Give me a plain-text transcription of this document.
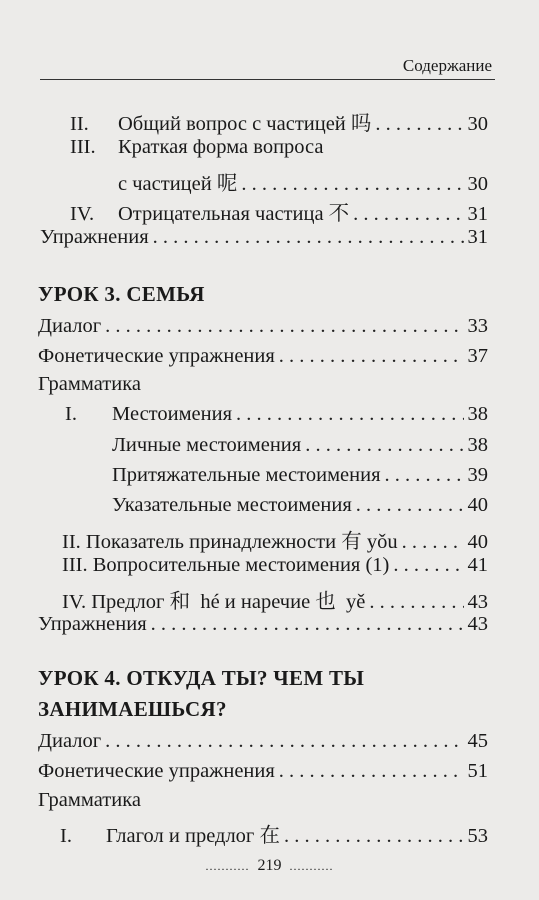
Содержание
II.	Общий вопрос с частицей 吗 . . .	30
III. Краткая форма вопроса
с частицей 呢 . . .	30
IV.	Отрицательная частица 不 . . .	31
Упражнения . . .	31
УРОК 3. СЕМЬЯ
Диалог . . .	33
Фонетические упражнения . . .	37
Грамматика
I.	Местоимения . . .	38
Личные местоимения . . .	38
Притяжательные местоимения . . .	39
Указательные местоимения . . .	40
II. Показатель принадлежности 有 yǒu . . .	40
III. Вопросительные местоимения (1) . . .	41
IV. Предлог 和  hé и наречие 也  yě . . .	43
Упражнения . . .	43
УРОК 4. ОТКУДА ТЫ? ЧЕМ ТЫ
ЗАНИМАЕШЬСЯ?
Диалог . . .	45
Фонетические упражнения . . .	51
Грамматика
I.	Глагол и предлог 在 . . .	53
........... 219 ...........
